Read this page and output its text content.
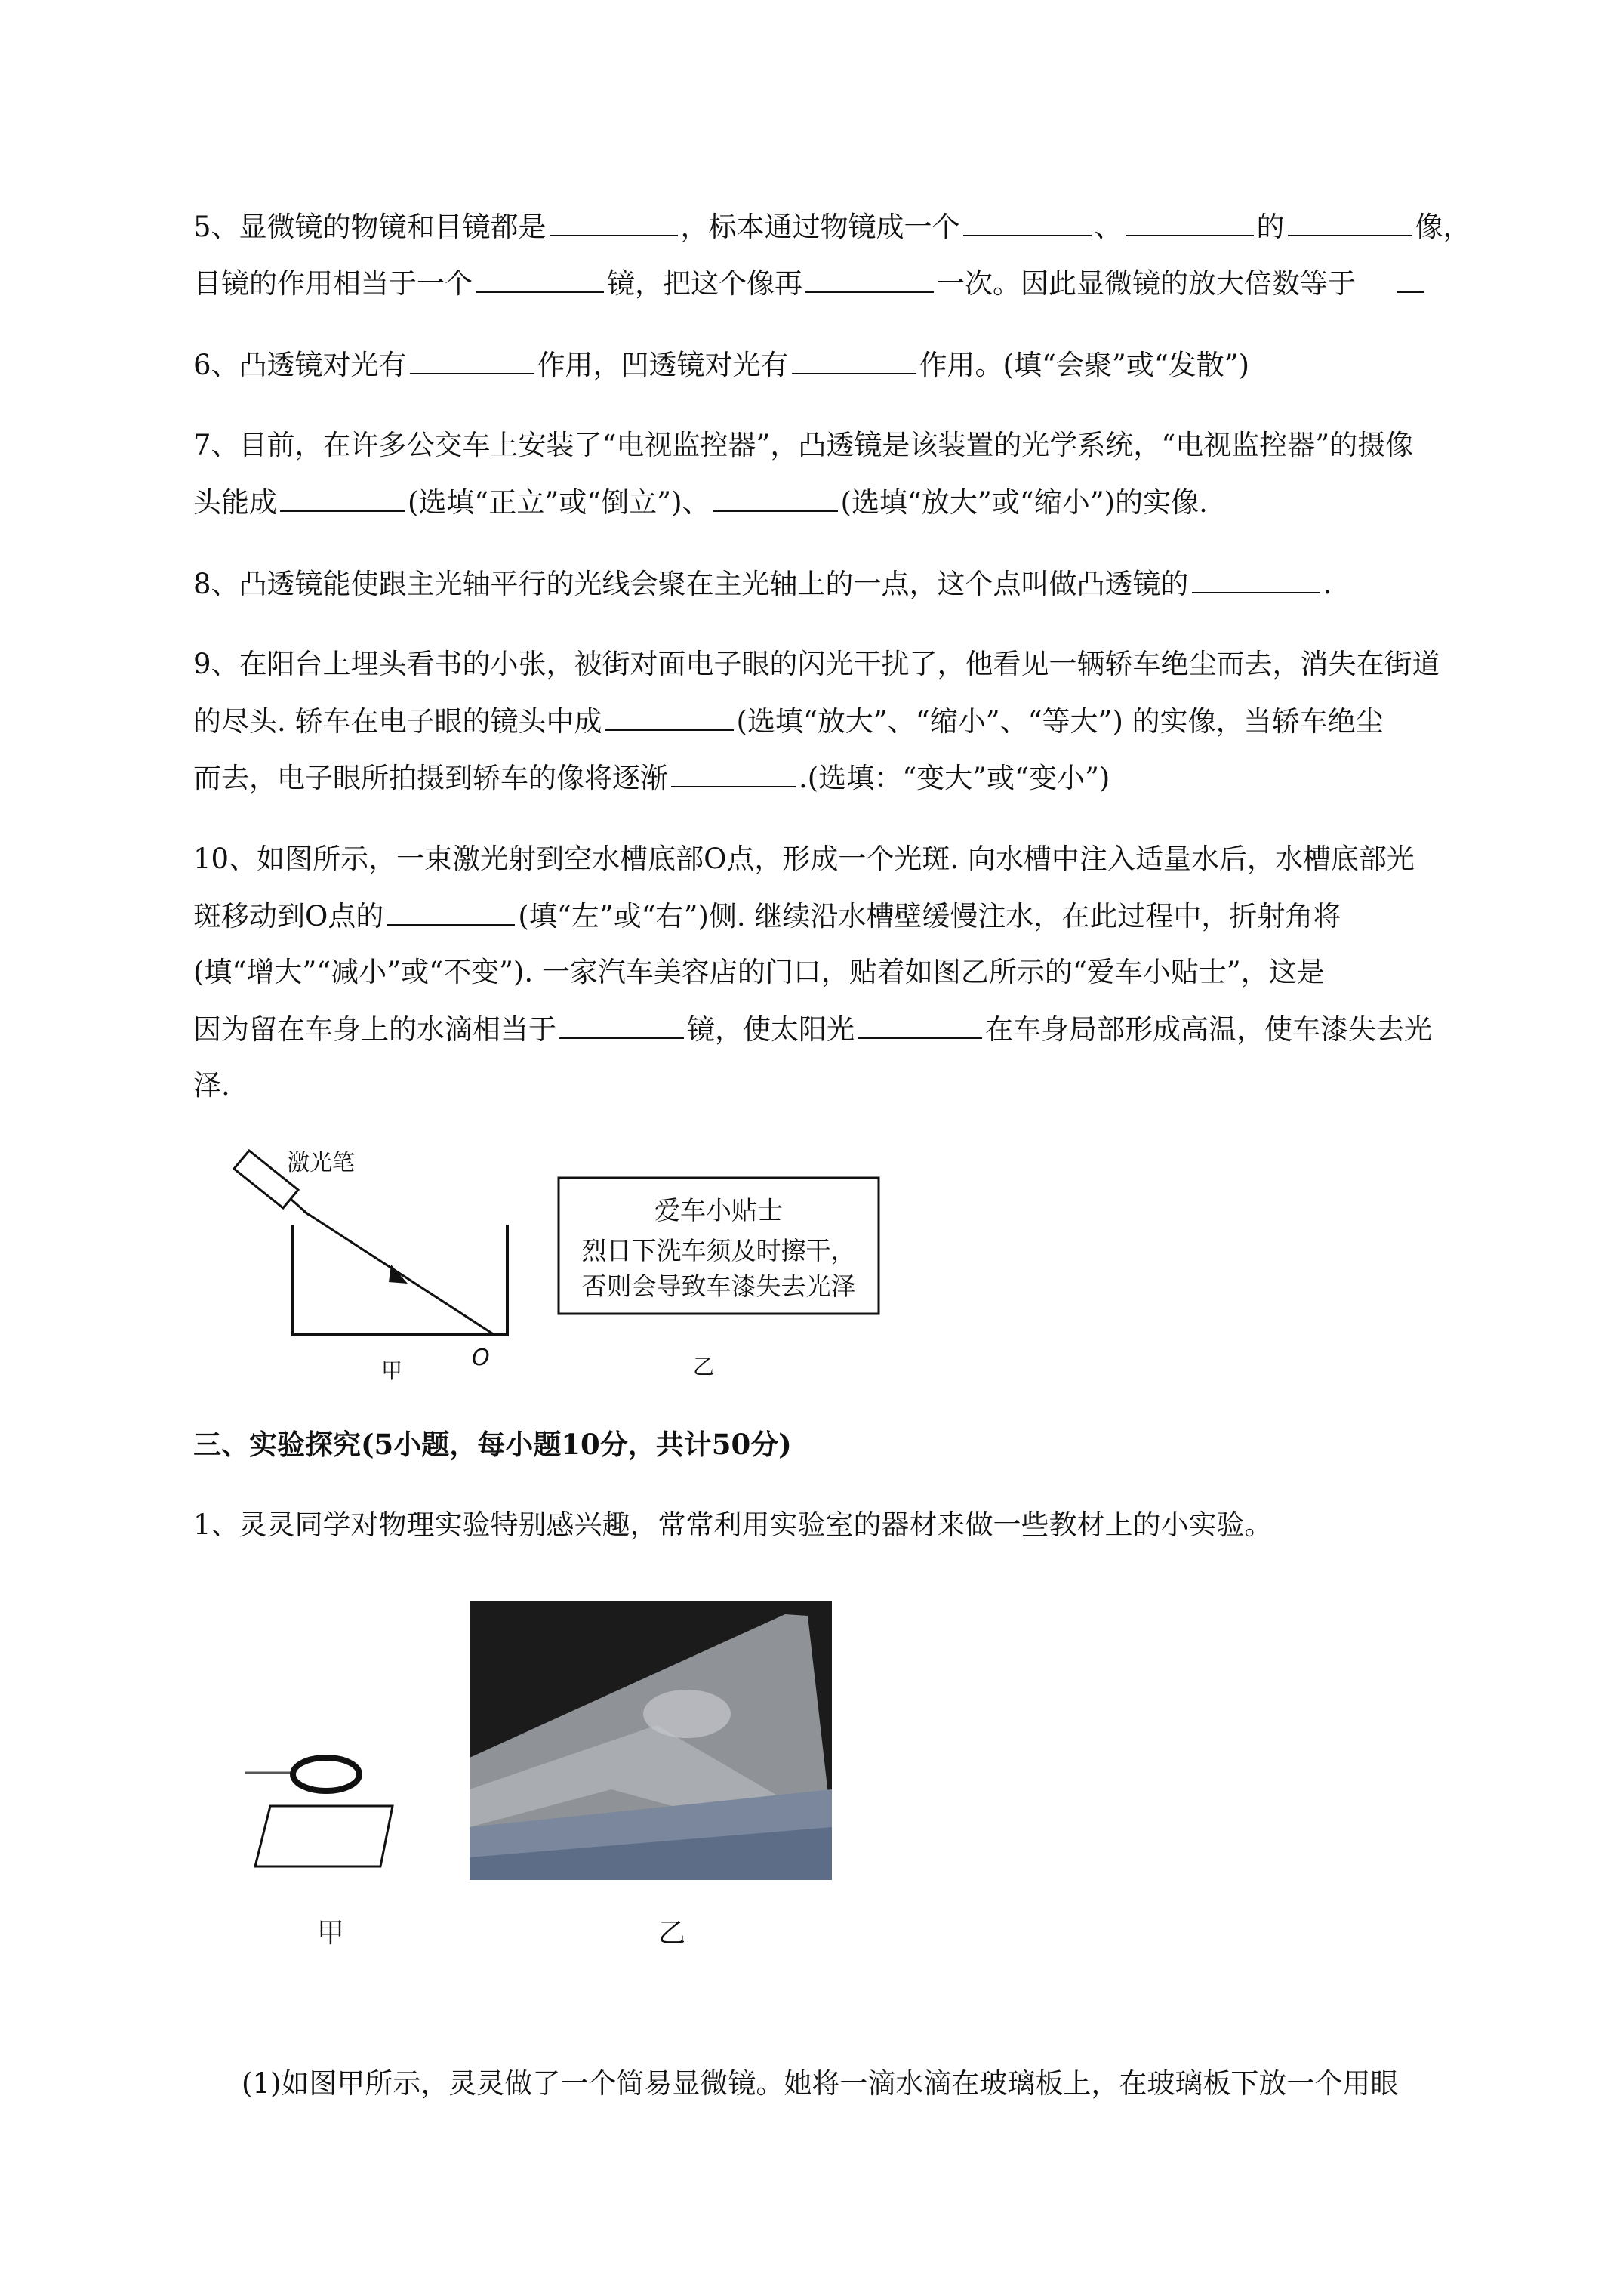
5、显微镜的物镜和目镜都是	，标本通过物镜成一个	、	的	像，
目镜的作用相当于一个	镜，把这个像再	一次。因此显微镜的放大倍数等于
6、凸透镜对光有	作用，凹透镜对光有	作用。(填“会聚”或“发散”)
7、目前，在许多公交车上安装了“电视监控器”，凸透镜是该装置的光学系统，“电视监控器”的摄像
头能成	(选填“正立”或“倒立”)、	(选填“放大”或“缩小”)的实像.
8、凸透镜能使跟主光轴平行的光线会聚在主光轴上的一点，这个点叫做凸透镜的	.
9、在阳台上埋头看书的小张，被街对面电子眼的闪光干扰了，他看见一辆轿车绝尘而去，消失在街道
的尽头. 轿车在电子眼的镜头中成	(选填“放大”、“缩小”、“等大”) 的实像，当轿车绝尘
而去，电子眼所拍摄到轿车的像将逐渐	.(选填：“变大”或“变小”)
10、如图所示，一束激光射到空水槽底部O点，形成一个光斑. 向水槽中注入适量水后，水槽底部光
斑移动到O点的	(填“左”或“右”)侧. 继续沿水槽壁缓慢注水，在此过程中，折射角将
(填“增大”“减小”或“不变”). 一家汽车美容店的门口，贴着如图乙所示的“爱车小贴士”，这是
因为留在车身上的水滴相当于	镜，使太阳光	在车身局部形成高温，使车漆失去光
泽.
激光笔
O
甲
爱车小贴士
烈日下洗车须及时擦干，
否则会导致车漆失去光泽
乙
三、实验探究(5小题，每小题10分，共计50分)
1、灵灵同学对物理实验特别感兴趣，常常利用实验室的器材来做一些教材上的小实验。
甲	乙
(1)如图甲所示，灵灵做了一个简易显微镜。她将一滴水滴在玻璃板上，在玻璃板下放一个用眼
